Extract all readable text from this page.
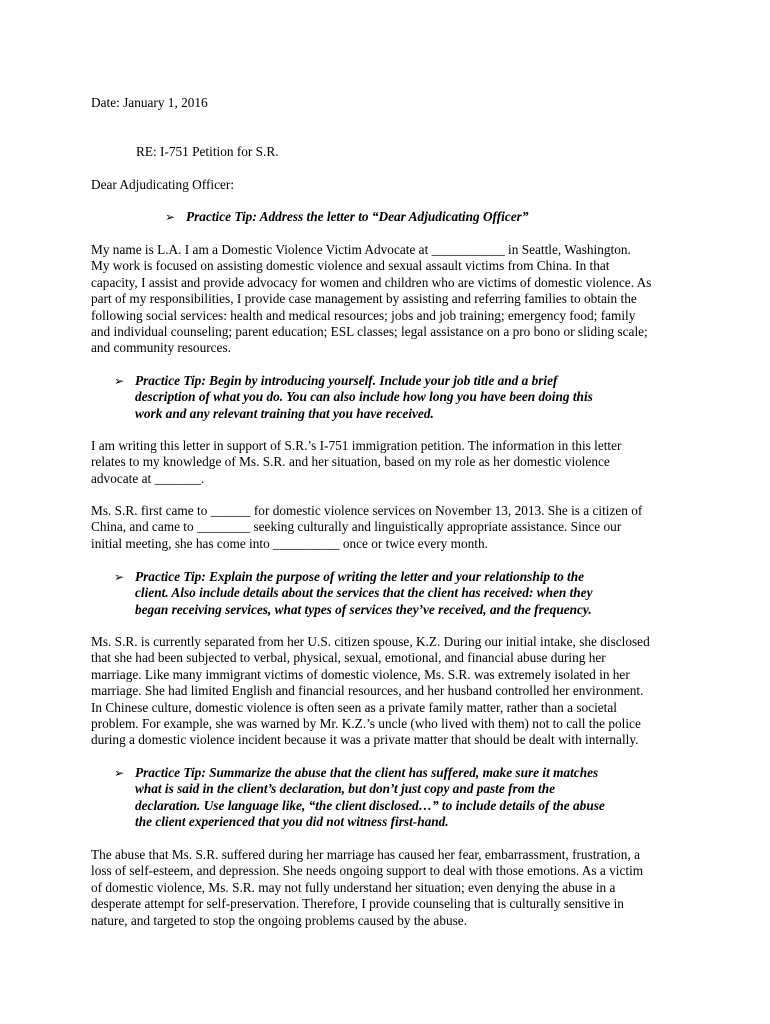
Date: January 1, 2016
RE: I-751 Petition for S.R.
Dear Adjudicating Officer:
➢ Practice Tip: Address the letter to “Dear Adjudicating Officer”
My name is L.A. I am a Domestic Violence Victim Advocate at ___________ in Seattle, Washington.
My work is focused on assisting domestic violence and sexual assault victims from China. In that
capacity, I assist and provide advocacy for women and children who are victims of domestic violence. As
part of my responsibilities, I provide case management by assisting and referring families to obtain the
following social services: health and medical resources; jobs and job training; emergency food; family
and individual counseling; parent education; ESL classes; legal assistance on a pro bono or sliding scale;
and community resources.
➢ Practice Tip: Begin by introducing yourself. Include your job title and a brief
description of what you do. You can also include how long you have been doing this
work and any relevant training that you have received.
I am writing this letter in support of S.R.’s I-751 immigration petition. The information in this letter
relates to my knowledge of Ms. S.R. and her situation, based on my role as her domestic violence
advocate at _______.
Ms. S.R. first came to ______ for domestic violence services on November 13, 2013. She is a citizen of
China, and came to ________ seeking culturally and linguistically appropriate assistance. Since our
initial meeting, she has come into __________ once or twice every month.
➢ Practice Tip: Explain the purpose of writing the letter and your relationship to the
client. Also include details about the services that the client has received: when they
began receiving services, what types of services they’ve received, and the frequency.
Ms. S.R. is currently separated from her U.S. citizen spouse, K.Z. During our initial intake, she disclosed
that she had been subjected to verbal, physical, sexual, emotional, and financial abuse during her
marriage. Like many immigrant victims of domestic violence, Ms. S.R. was extremely isolated in her
marriage. She had limited English and financial resources, and her husband controlled her environment.
In Chinese culture, domestic violence is often seen as a private family matter, rather than a societal
problem. For example, she was warned by Mr. K.Z.’s uncle (who lived with them) not to call the police
during a domestic violence incident because it was a private matter that should be dealt with internally.
➢ Practice Tip: Summarize the abuse that the client has suffered, make sure it matches
what is said in the client’s declaration, but don’t just copy and paste from the
declaration. Use language like, “the client disclosed…” to include details of the abuse
the client experienced that you did not witness first-hand.
The abuse that Ms. S.R. suffered during her marriage has caused her fear, embarrassment, frustration, a
loss of self-esteem, and depression. She needs ongoing support to deal with those emotions. As a victim
of domestic violence, Ms. S.R. may not fully understand her situation; even denying the abuse in a
desperate attempt for self-preservation. Therefore, I provide counseling that is culturally sensitive in
nature, and targeted to stop the ongoing problems caused by the abuse.
